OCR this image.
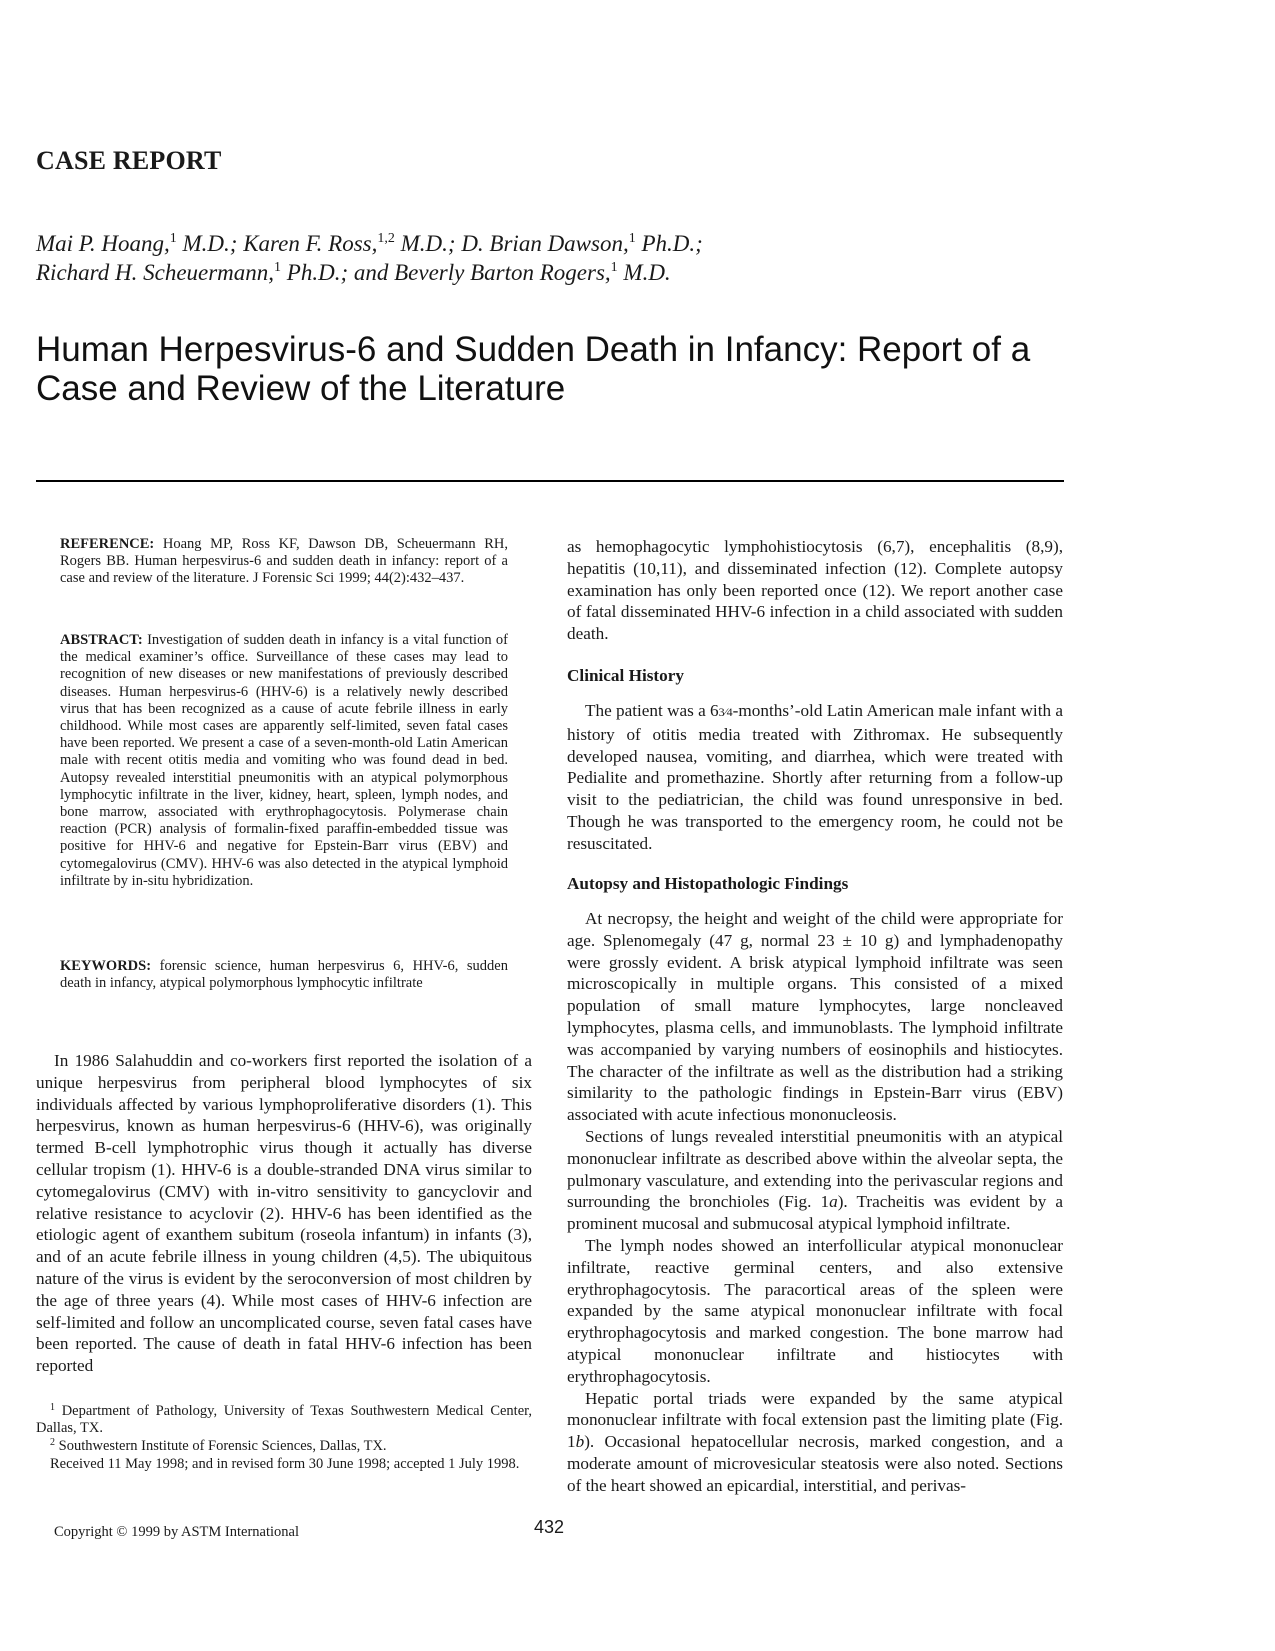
CASE REPORT
Mai P. Hoang,$^1$ M.D.; Karen F. Ross,$^{1,2}$ M.D.; D. Brian Dawson,$^1$ Ph.D.;
Richard H. Scheuermann,$^1$ Ph.D.; and Beverly Barton Rogers,$^1$ M.D.
Human Herpesvirus-6 and Sudden Death in Infancy: Report of a Case and Review of the Literature
REFERENCE: Hoang MP, Ross KF, Dawson DB, Scheuermann RH, Rogers BB. Human herpesvirus-6 and sudden death in infancy: report of a case and review of the literature. J Forensic Sci 1999; 44(2):432–437.
ABSTRACT: Investigation of sudden death in infancy is a vital function of the medical examiner’s office. Surveillance of these cases may lead to recognition of new diseases or new manifestations of previously described diseases. Human herpesvirus-6 (HHV-6) is a relatively newly described virus that has been recognized as a cause of acute febrile illness in early childhood. While most cases are apparently self-limited, seven fatal cases have been reported. We present a case of a seven-month-old Latin American male with recent otitis media and vomiting who was found dead in bed. Autopsy revealed interstitial pneumonitis with an atypical polymorphous lymphocytic infiltrate in the liver, kidney, heart, spleen, lymph nodes, and bone marrow, associated with erythrophagocytosis. Polymerase chain reaction (PCR) analysis of formalin-fixed paraffin-embedded tissue was positive for HHV-6 and negative for Epstein-Barr virus (EBV) and cytomegalovirus (CMV). HHV-6 was also detected in the atypical lymphoid infiltrate by in-situ hybridization.
KEYWORDS: forensic science, human herpesvirus 6, HHV-6, sudden death in infancy, atypical polymorphous lymphocytic infiltrate
In 1986 Salahuddin and co-workers first reported the isolation of a unique herpesvirus from peripheral blood lymphocytes of six individuals affected by various lymphoproliferative disorders (1). This herpesvirus, known as human herpesvirus-6 (HHV-6), was originally termed B-cell lymphotrophic virus though it actually has diverse cellular tropism (1). HHV-6 is a double-stranded DNA virus similar to cytomegalovirus (CMV) with in-vitro sensitivity to gancyclovir and relative resistance to acyclovir (2). HHV-6 has been identified as the etiologic agent of exanthem subitum (roseola infantum) in infants (3), and of an acute febrile illness in young children (4,5). The ubiquitous nature of the virus is evident by the seroconversion of most children by the age of three years (4). While most cases of HHV-6 infection are self-limited and follow an uncomplicated course, seven fatal cases have been reported. The cause of death in fatal HHV-6 infection has been reported
$^1$ Department of Pathology, University of Texas Southwestern Medical Center, Dallas, TX.
$^2$ Southwestern Institute of Forensic Sciences, Dallas, TX.
Received 11 May 1998; and in revised form 30 June 1998; accepted 1 July 1998.
Copyright © 1999 by ASTM International	432
as hemophagocytic lymphohistiocytosis (6,7), encephalitis (8,9), hepatitis (10,11), and disseminated infection (12). Complete autopsy examination has only been reported once (12). We report another case of fatal disseminated HHV-6 infection in a child associated with sudden death.
Clinical History
The patient was a 63⁄4-months’-old Latin American male infant with a history of otitis media treated with Zithromax. He subsequently developed nausea, vomiting, and diarrhea, which were treated with Pedialite and promethazine. Shortly after returning from a follow-up visit to the pediatrician, the child was found unresponsive in bed. Though he was transported to the emergency room, he could not be resuscitated.
Autopsy and Histopathologic Findings

At necropsy, the height and weight of the child were appropriate for age. Splenomegaly (47 g, normal 23 ± 10 g) and lymphadenopathy were grossly evident. A brisk atypical lymphoid infiltrate was seen microscopically in multiple organs. This consisted of a mixed population of small mature lymphocytes, large noncleaved lymphocytes, plasma cells, and immunoblasts. The lymphoid infiltrate was accompanied by varying numbers of eosinophils and histiocytes. The character of the infiltrate as well as the distribution had a striking similarity to the pathologic findings in Epstein-Barr virus (EBV) associated with acute infectious mononucleosis.

Sections of lungs revealed interstitial pneumonitis with an atypical mononuclear infiltrate as described above within the alveolar septa, the pulmonary vasculature, and extending into the perivascular regions and surrounding the bronchioles (Fig. 1a). Tracheitis was evident by a prominent mucosal and submucosal atypical lymphoid infiltrate.

The lymph nodes showed an interfollicular atypical mononuclear infiltrate, reactive germinal centers, and also extensive erythrophagocytosis. The paracortical areas of the spleen were expanded by the same atypical mononuclear infiltrate with focal erythrophagocytosis and marked congestion. The bone marrow had atypical mononuclear infiltrate and histiocytes with erythrophagocytosis.

Hepatic portal triads were expanded by the same atypical mononuclear infiltrate with focal extension past the limiting plate (Fig. 1b). Occasional hepatocellular necrosis, marked congestion, and a moderate amount of microvesicular steatosis were also noted. Sections of the heart showed an epicardial, interstitial, and perivas-
